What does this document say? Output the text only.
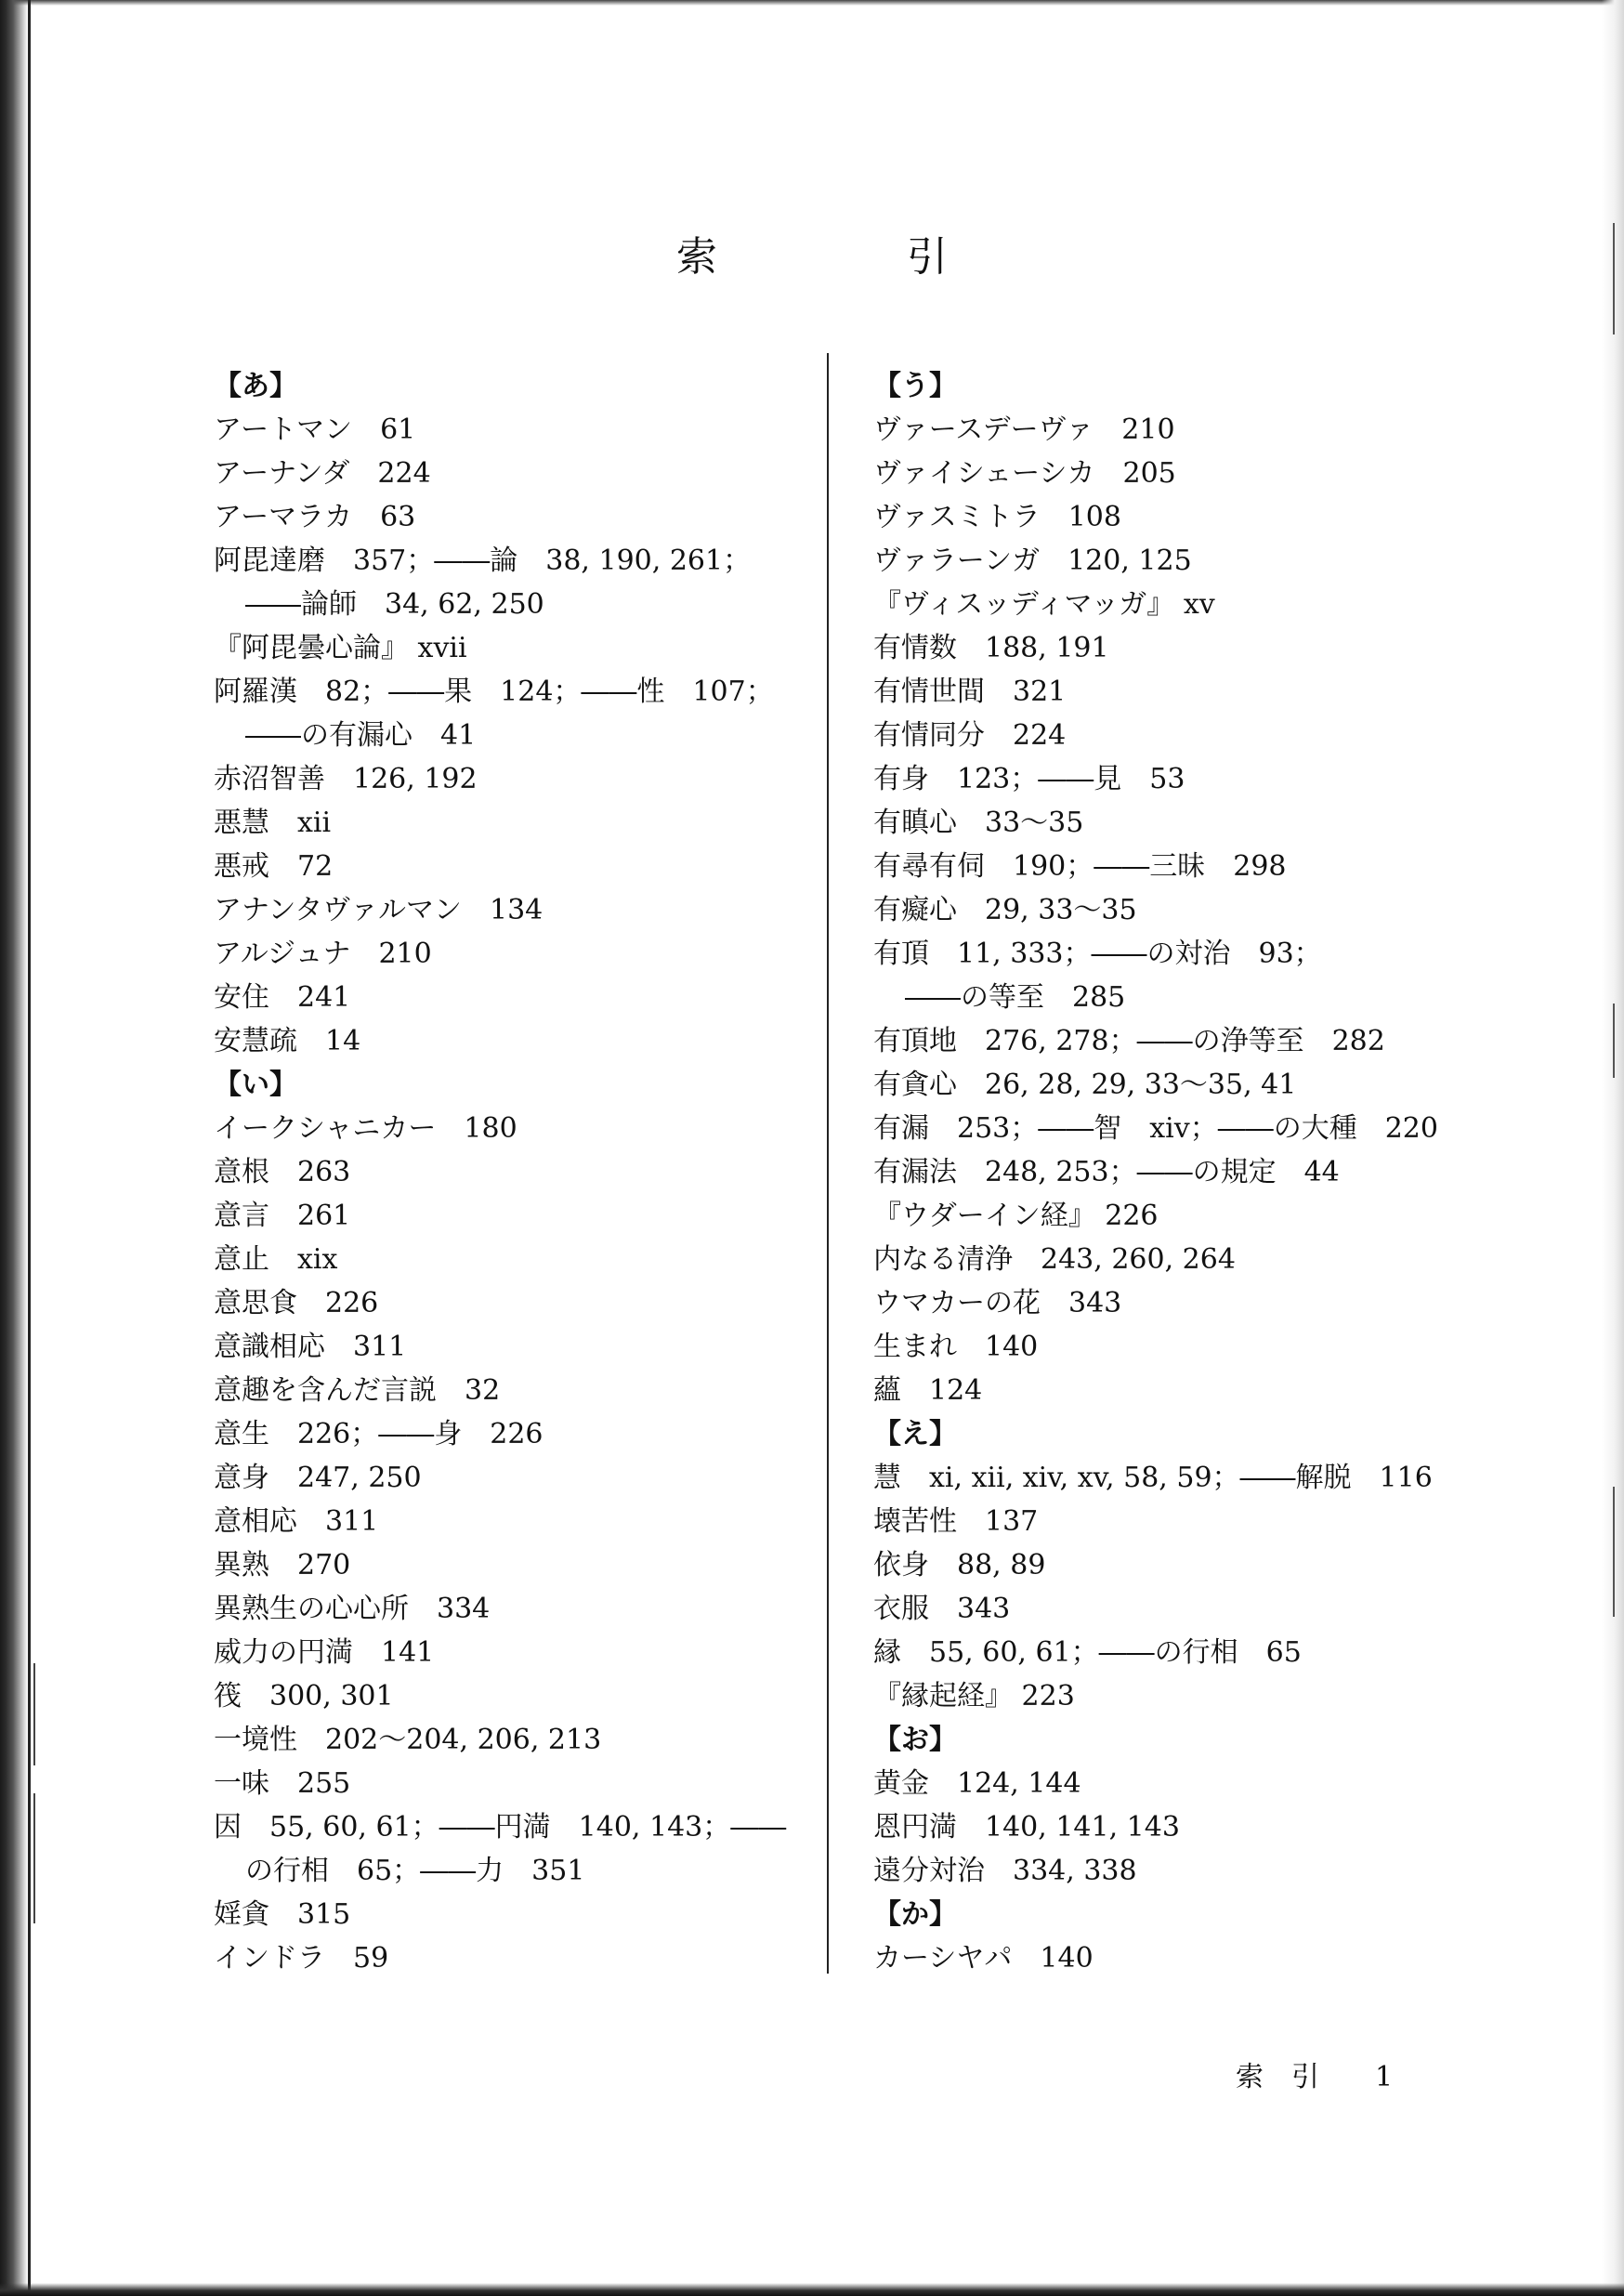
索　引
【あ】
アートマン　61
アーナンダ　224
アーマラカ　63
阿毘達磨　357；――論　38, 190, 261；
――論師　34, 62, 250
『阿毘曇心論』 xvii
阿羅漢　82；――果　124；――性　107；
――の有漏心　41
赤沼智善　126, 192
悪慧　xii
悪戒　72
アナンタヴァルマン　134
アルジュナ　210
安住　241
安慧疏　14
【い】
イークシャニカー　180
意根　263
意言　261
意止　xix
意思食　226
意識相応　311
意趣を含んだ言説　32
意生　226；――身　226
意身　247, 250
意相応　311
異熟　270
異熟生の心心所　334
威力の円満　141
筏　300, 301
一境性　202～204, 206, 213
一味　255
因　55, 60, 61；――円満　140, 143；――
の行相　65；――力　351
婬貪　315
インドラ　59
【う】
ヴァースデーヴァ　210
ヴァイシェーシカ　205
ヴァスミトラ　108
ヴァラーンガ　120, 125
『ヴィスッディマッガ』 xv
有情数　188, 191
有情世間　321
有情同分　224
有身　123；――見　53
有瞋心　33～35
有尋有伺　190；――三昧　298
有癡心　29, 33～35
有頂　11, 333；――の対治　93；
――の等至　285
有頂地　276, 278；――の浄等至　282
有貪心　26, 28, 29, 33～35, 41
有漏　253；――智　xiv；――の大種　220
有漏法　248, 253；――の規定　44
『ウダーイン経』 226
内なる清浄　243, 260, 264
ウマカーの花　343
生まれ　140
蘊　124
【え】
慧　xi, xii, xiv, xv, 58, 59；――解脱　116
壊苦性　137
依身　88, 89
衣服　343
縁　55, 60, 61；――の行相　65
『縁起経』 223
【お】
黄金　124, 144
恩円満　140, 141, 143
遠分対治　334, 338
【か】
カーシヤパ　140
索　引　　 1
